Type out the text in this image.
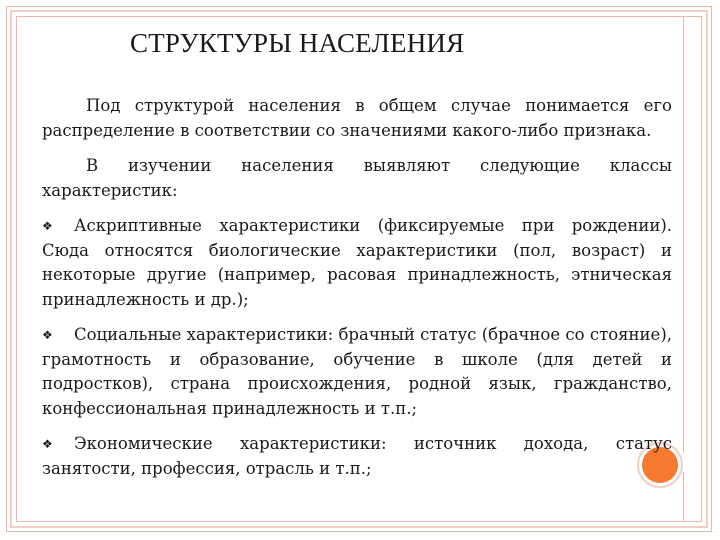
СТРУКТУРЫ НАСЕЛЕНИЯ

Под структурой населения в общем случае понимается его распределение в соответствии со значениями какого-либо признака.

В изучении населения выявляют следующие классы характеристик:

❖ Аскриптивные характеристики (фиксируемые при рождении). Сюда относятся биологические характеристики (пол, возраст) и некоторые другие (например, расовая принадлежность, этническая принадлежность и др.);

❖ Социальные характеристики: брачный статус (брачное со стояние), грамотность и образование, обучение в школе (для детей и подростков), страна происхождения, родной язык, гражданство, конфессиональная принадлежность и т.п.;

❖ Экономические характеристики: источник дохода, статус занятости, профессия, отрасль и т.п.;
